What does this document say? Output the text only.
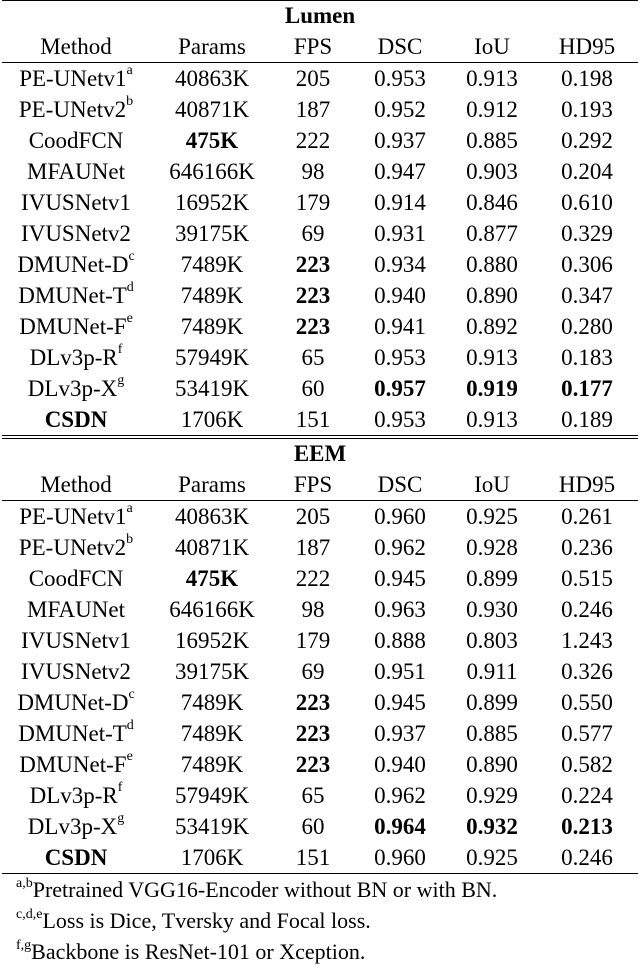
Lumen					
Method	Params	FPS	DSC	IoU	HD95
PE-UNetv1$^a$	40863K	205	0.953	0.913	0.198
PE-UNetv2$^b$	40871K	187	0.952	0.912	0.193
CoodFCN	475K	222	0.937	0.885	0.292
MFAUNet	646166K	98	0.947	0.903	0.204
IVUSNetv1	16952K	179	0.914	0.846	0.610
IVUSNetv2	39175K	69	0.931	0.877	0.329
DMUNet-$D^c$	7489K	223	0.934	0.880	0.306
DMUNet-$T^d$	7489K	223	0.940	0.890	0.347
DMUNet-$F^e$	7489K	223	0.941	0.892	0.280
$DLv3p-R^f$	57949K	65	0.953	0.913	0.183
$DLv3p-X^g$	53419K	60	0.957	0.919	0.177
CSDN	1706K	151	0.953	0.913	0.189
EEM					
Method	Params	FPS	DSC	IoU	HD95
PE-UNetv1$^a$	40863K	205	0.960	0.925	0.261
PE-UNetv2$^b$	40871K	187	0.962	0.928	0.236
CoodFCN	475K	222	0.945	0.899	0.515
MFAUNet	646166K	98	0.963	0.930	0.246
IVUSNetv1	16952K	179	0.888	0.803	1.243
IVUSNetv2	39175K	69	0.951	0.911	0.326
DMUNet-$D^c$	7489K	223	0.945	0.899	0.550
DMUNet-$T^d$	7489K	223	0.937	0.885	0.577
DMUNet-$F^e$	7489K	223	0.940	0.890	0.582
$DLv3p-R^f$	57949K	65	0.962	0.929	0.224
$DLv3p-X^g$	53419K	60	0.964	0.932	0.213
CSDN	1706K	151	0.960	0.925	0.246
$^{a,b}$Pretrained VGG16-Encoder without BN or with BN.
$^{c,d,e}$Loss is Dice, Tversky and Focal loss.
$^{f,g}$Backbone is ResNet-101 or Xception.
